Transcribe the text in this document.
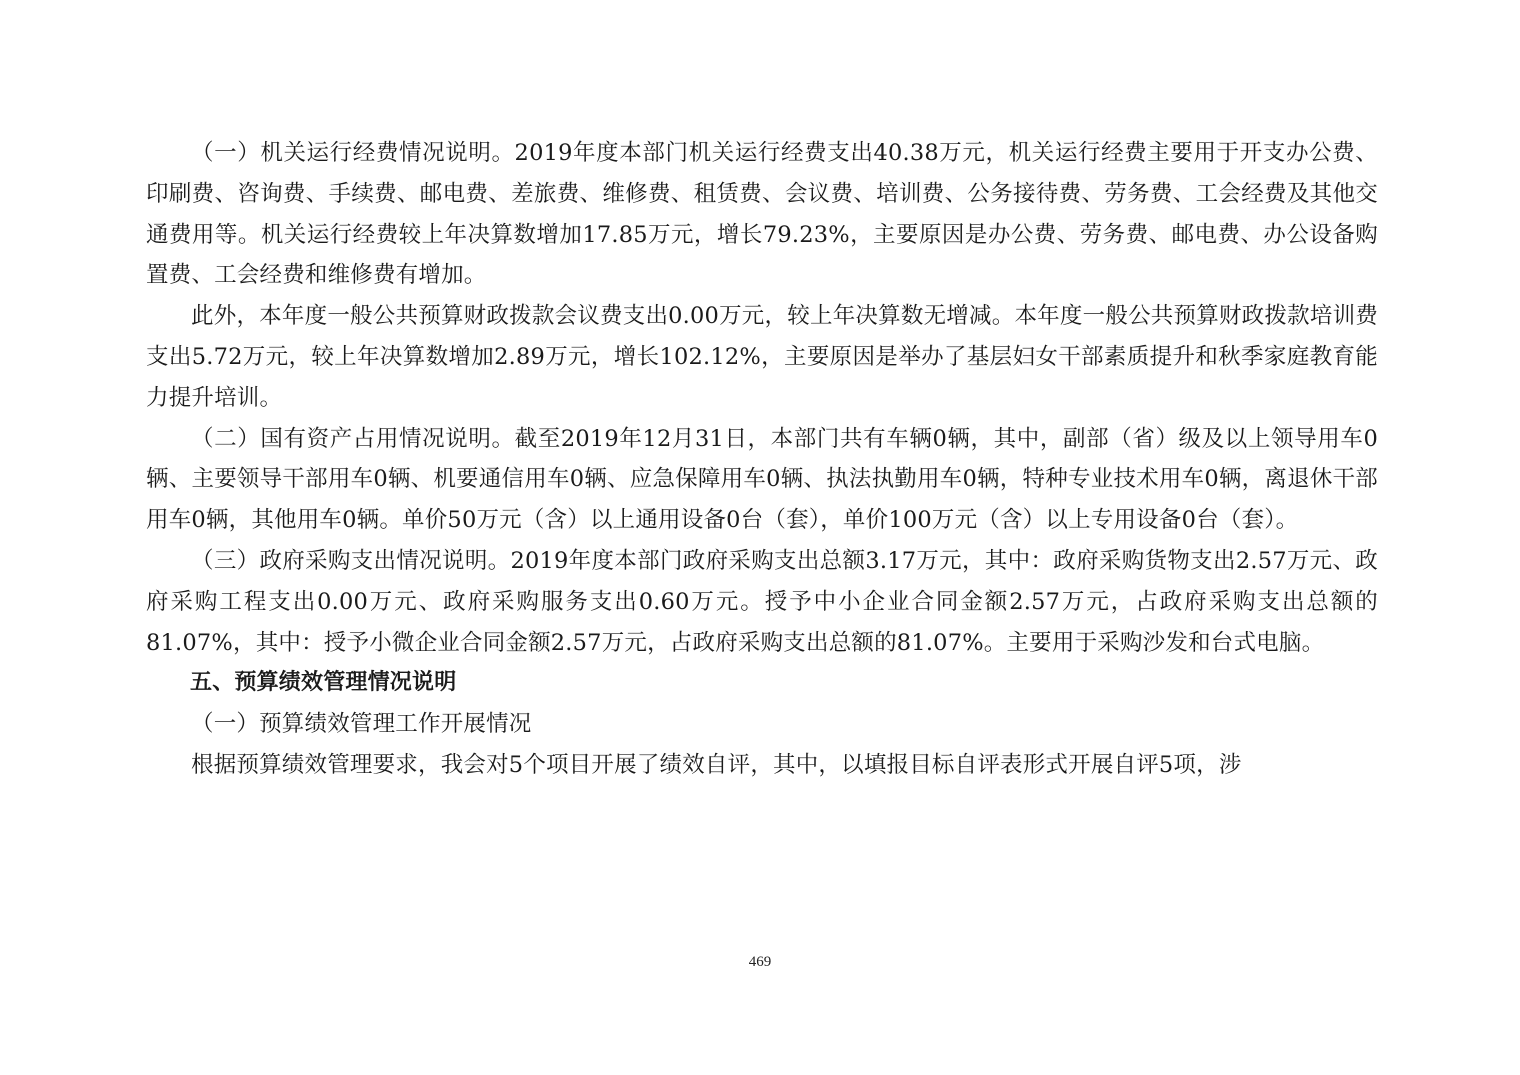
（一）机关运行经费情况说明。2019年度本部门机关运行经费支出40.38万元，机关运行经费主要用于开支办公费、印刷费、咨询费、手续费、邮电费、差旅费、维修费、租赁费、会议费、培训费、公务接待费、劳务费、工会经费及其他交通费用等。机关运行经费较上年决算数增加17.85万元，增长79.23%，主要原因是办公费、劳务费、邮电费、办公设备购置费、工会经费和维修费有增加。

此外，本年度一般公共预算财政拨款会议费支出0.00万元，较上年决算数无增减。本年度一般公共预算财政拨款培训费支出5.72万元，较上年决算数增加2.89万元，增长102.12%，主要原因是举办了基层妇女干部素质提升和秋季家庭教育能力提升培训。

（二）国有资产占用情况说明。截至2019年12月31日，本部门共有车辆0辆，其中，副部（省）级及以上领导用车0辆、主要领导干部用车0辆、机要通信用车0辆、应急保障用车0辆、执法执勤用车0辆，特种专业技术用车0辆，离退休干部用车0辆，其他用车0辆。单价50万元（含）以上通用设备0台（套），单价100万元（含）以上专用设备0台（套）。

（三）政府采购支出情况说明。2019年度本部门政府采购支出总额3.17万元，其中：政府采购货物支出2.57万元、政府采购工程支出0.00万元、政府采购服务支出0.60万元。授予中小企业合同金额2.57万元，占政府采购支出总额的81.07%，其中：授予小微企业合同金额2.57万元，占政府采购支出总额的81.07%。主要用于采购沙发和台式电脑。

五、预算绩效管理情况说明

（一）预算绩效管理工作开展情况

根据预算绩效管理要求，我会对5个项目开展了绩效自评，其中，以填报目标自评表形式开展自评5项，涉

469
